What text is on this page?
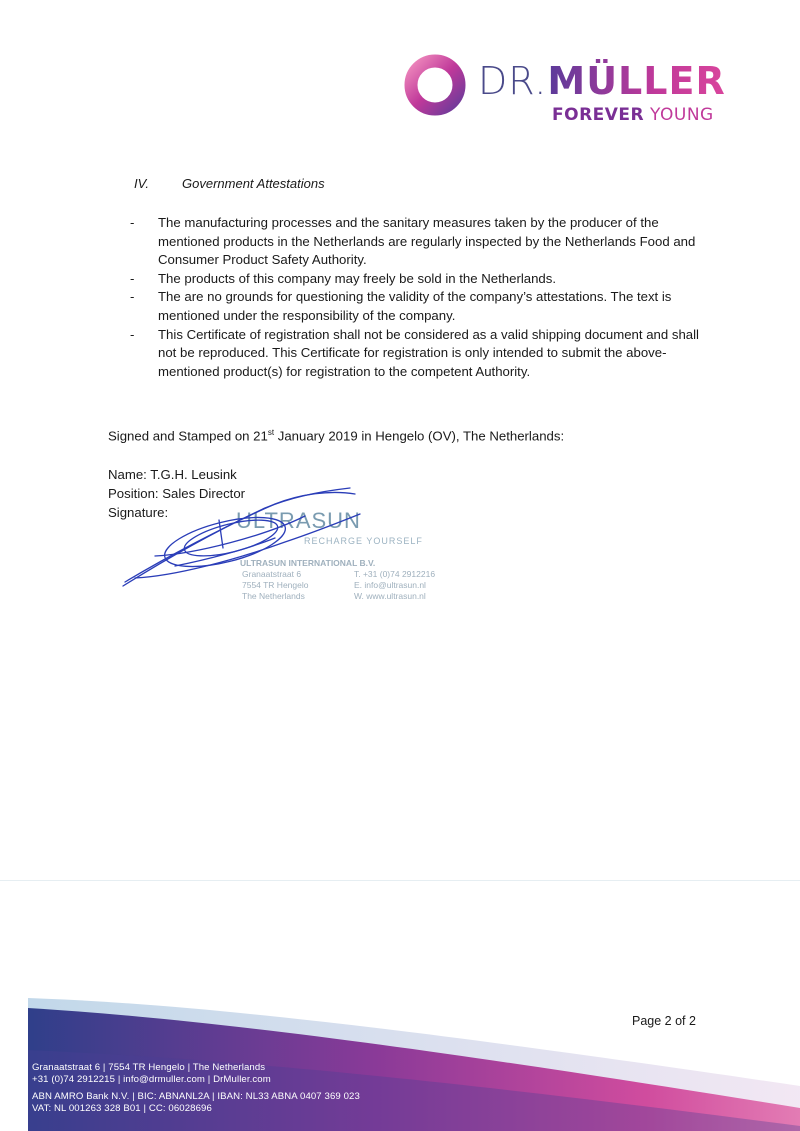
DR.MÜLLER
FOREVER YOUNG
IV.	Government Attestations
- The manufacturing processes and the sanitary measures taken by the producer of the mentioned products in the Netherlands are regularly inspected by the Netherlands Food and Consumer Product Safety Authority.
- The products of this company may freely be sold in the Netherlands.
- The are no grounds for questioning the validity of the company’s attestations. The text is mentioned under the responsibility of the company.
- This Certificate of registration shall not be considered as a valid shipping document and shall not be reproduced. This Certificate for registration is only intended to submit the above-mentioned product(s) for registration to the competent Authority.
Signed and Stamped on 21st January 2019 in Hengelo (OV), The Netherlands:
Name: T.G.H. Leusink
Position: Sales Director
Signature:	ULTRASUN
RECHARGE YOURSELF
ULTRASUN INTERNATIONAL B.V.
Granaatstraat 6
7554 TR Hengelo
The Netherlands
T. +31 (0)74 2912216
E. info@ultrasun.nl
W. www.ultrasun.nl
Page 2 of 2
Granaatstraat 6 | 7554 TR Hengelo | The Netherlands
+31 (0)74 2912215 | info@drmuller.com | DrMuller.com
ABN AMRO Bank N.V. | BIC: ABNANL2A | IBAN: NL33 ABNA 0407 369 023
VAT: NL 001263 328 B01 | CC: 06028696
